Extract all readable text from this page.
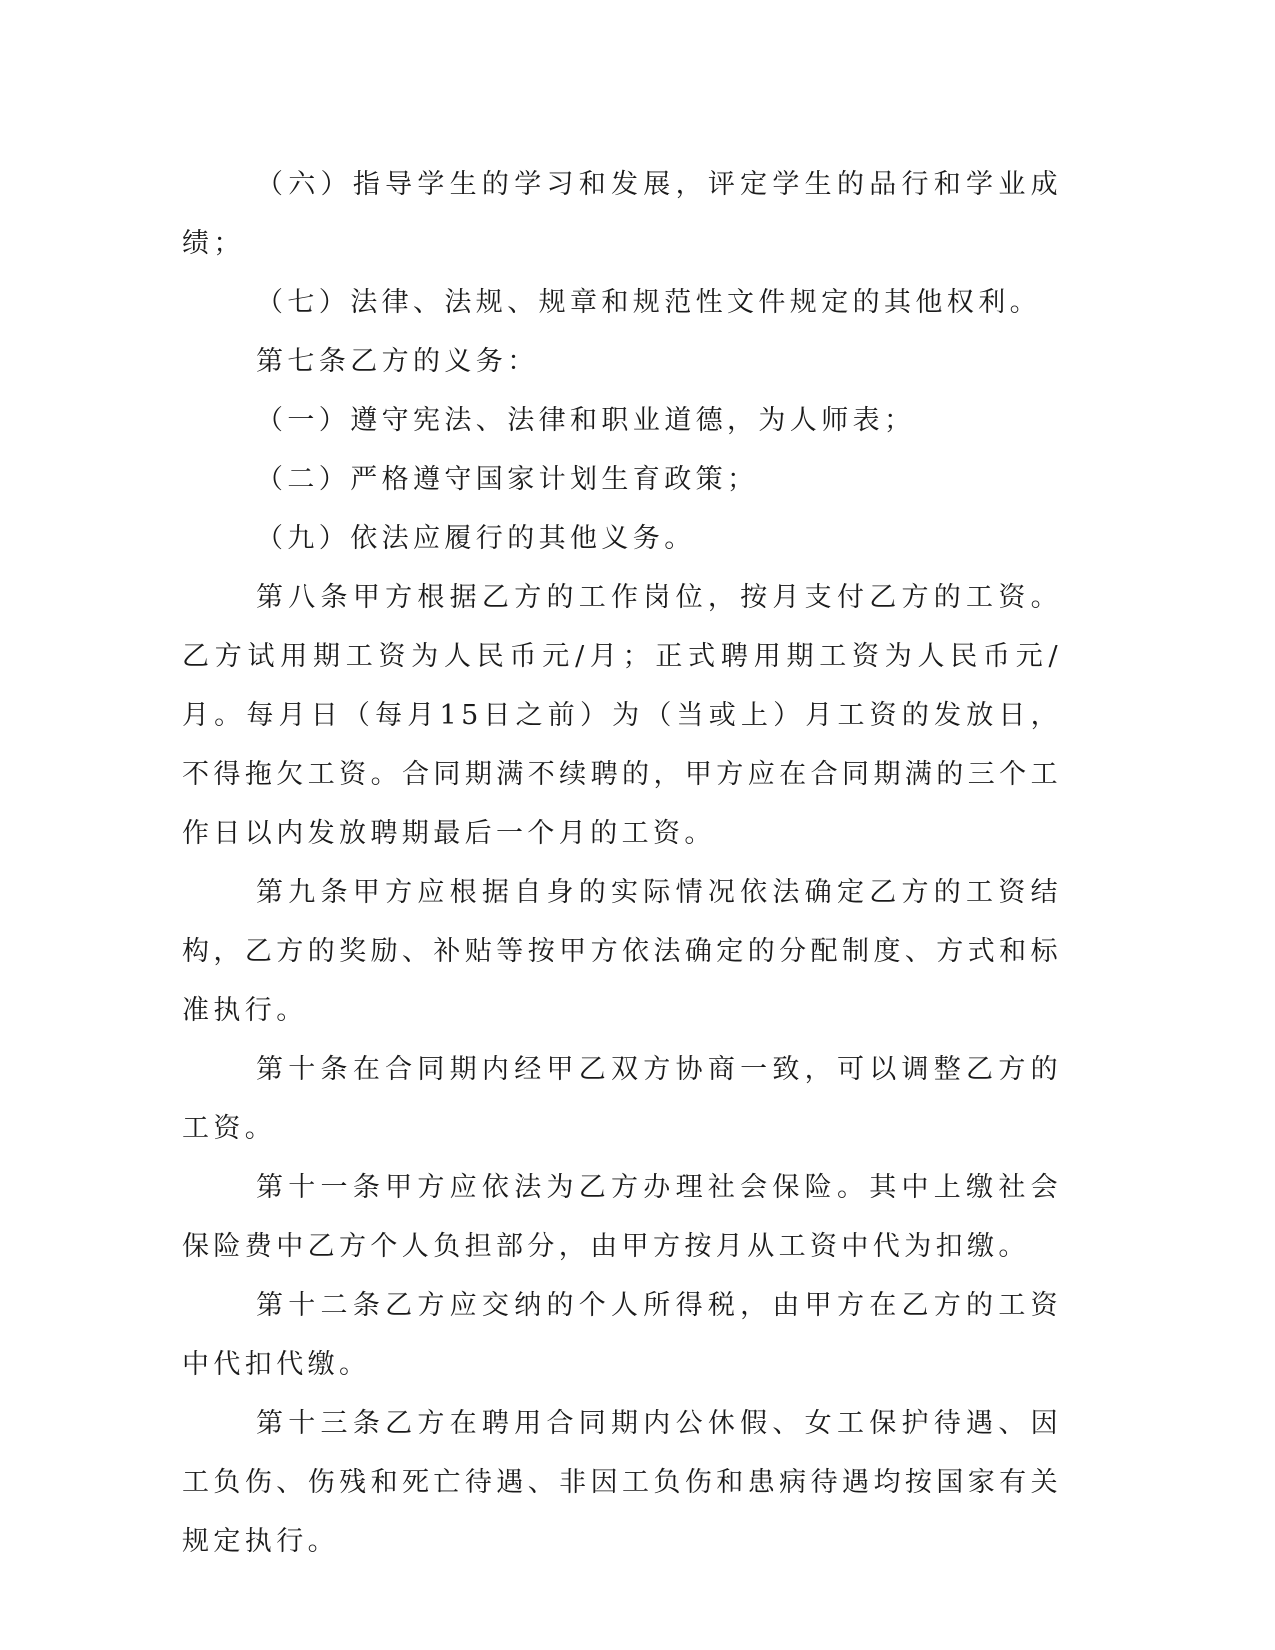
（六）指导学生的学习和发展，评定学生的品行和学业成绩；

（七）法律、法规、规章和规范性文件规定的其他权利。

第七条乙方的义务：

（一）遵守宪法、法律和职业道德，为人师表；

（二）严格遵守国家计划生育政策；

（九）依法应履行的其他义务。

第八条甲方根据乙方的工作岗位，按月支付乙方的工资。乙方试用期工资为人民币元/月；正式聘用期工资为人民币元/月。每月日（每月15日之前）为（当或上）月工资的发放日，不得拖欠工资。合同期满不续聘的，甲方应在合同期满的三个工作日以内发放聘期最后一个月的工资。

第九条甲方应根据自身的实际情况依法确定乙方的工资结构，乙方的奖励、补贴等按甲方依法确定的分配制度、方式和标准执行。

第十条在合同期内经甲乙双方协商一致，可以调整乙方的工资。

第十一条甲方应依法为乙方办理社会保险。其中上缴社会保险费中乙方个人负担部分，由甲方按月从工资中代为扣缴。

第十二条乙方应交纳的个人所得税，由甲方在乙方的工资中代扣代缴。

第十三条乙方在聘用合同期内公休假、女工保护待遇、因工负伤、伤残和死亡待遇、非因工负伤和患病待遇均按国家有关规定执行。
